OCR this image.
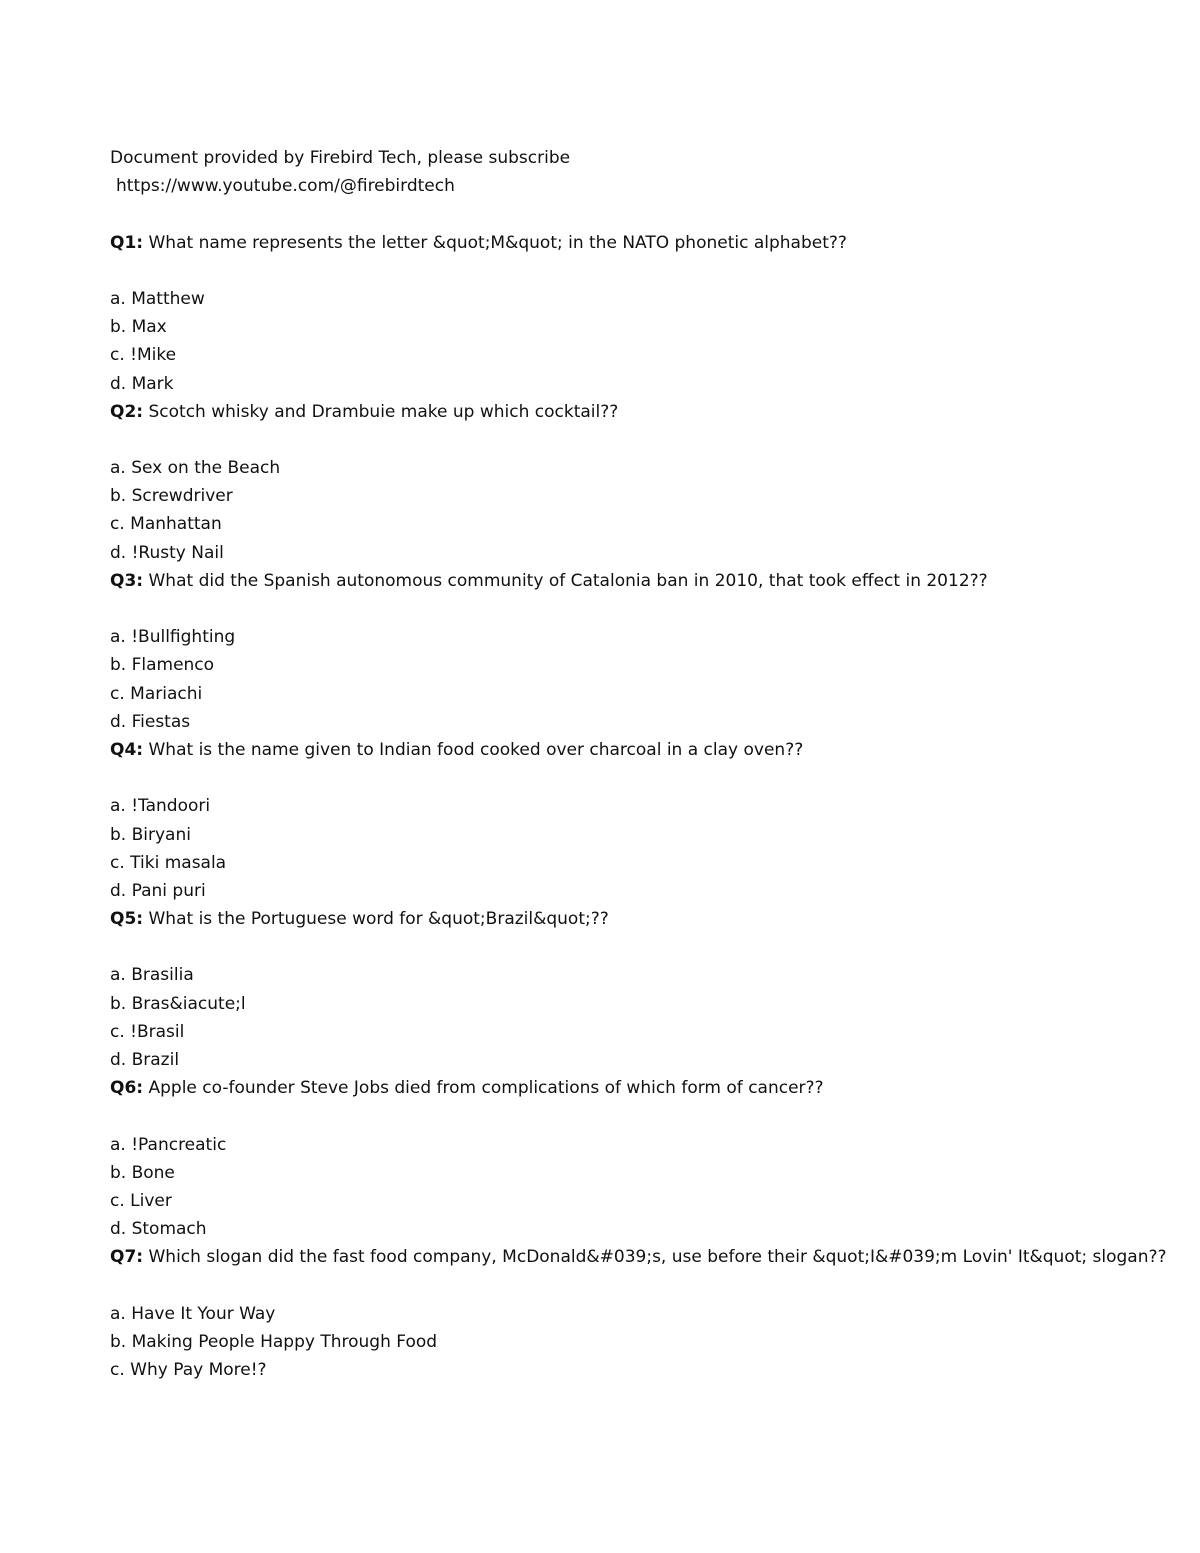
Document provided by Firebird Tech, please subscribe
https://www.youtube.com/@firebirdtech
Q1: What name represents the letter &quot;M&quot; in the NATO phonetic alphabet??
a. Matthew
b. Max
c. !Mike
d. Mark
Q2: Scotch whisky and Drambuie make up which cocktail??
a. Sex on the Beach
b. Screwdriver
c. Manhattan
d. !Rusty Nail
Q3: What did the Spanish autonomous community of Catalonia ban in 2010, that took effect in 2012??
a. !Bullfighting
b. Flamenco
c. Mariachi
d. Fiestas
Q4: What is the name given to Indian food cooked over charcoal in a clay oven??
a. !Tandoori
b. Biryani
c. Tiki masala
d. Pani puri
Q5: What is the Portuguese word for &quot;Brazil&quot;??
a. Brasilia
b. Bras&iacute;l
c. !Brasil
d. Brazil
Q6: Apple co-founder Steve Jobs died from complications of which form of cancer??
a. !Pancreatic
b. Bone
c. Liver
d. Stomach
Q7: Which slogan did the fast food company, McDonald&#039;s, use before their &quot;I&#039;m Lovin' It&quot; slogan??
a. Have It Your Way
b. Making People Happy Through Food
c. Why Pay More!?
